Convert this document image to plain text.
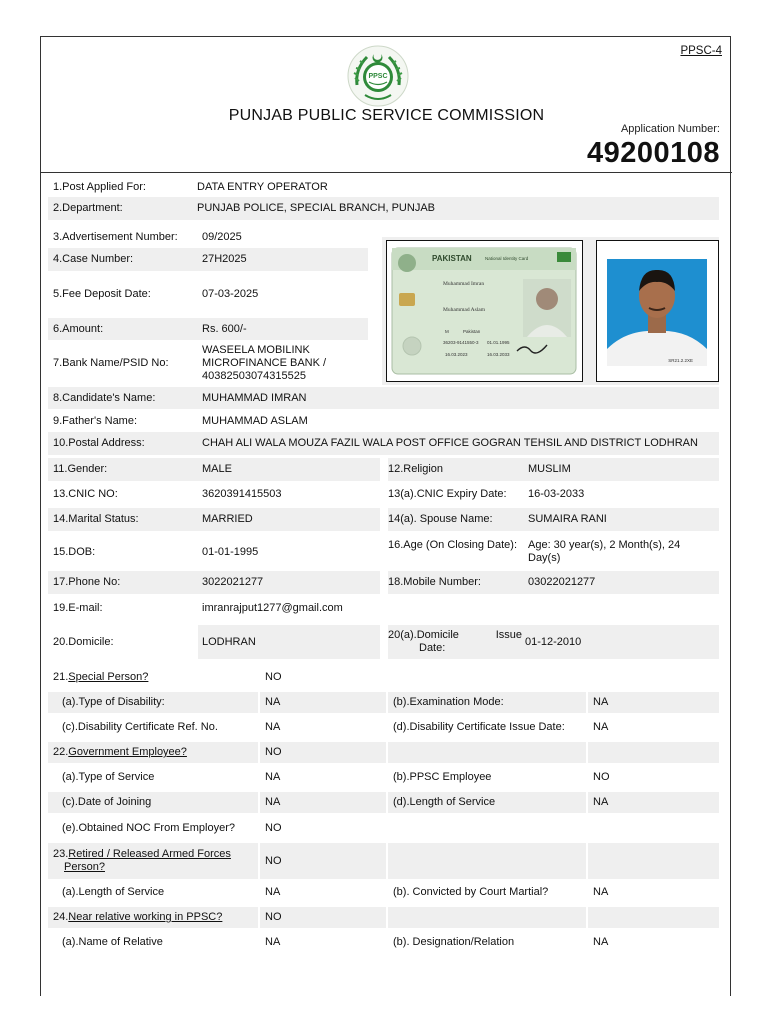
PPSC-4
PPSC
PUNJAB PUBLIC SERVICE COMMISSION
Application Number:
49200108
1.Post Applied For:	DATA ENTRY OPERATOR
2.Department:	PUNJAB POLICE, SPECIAL BRANCH, PUNJAB
3.Advertisement Number: 09/2025
4.Case Number:	27H2025
5.Fee Deposit Date:	07-03-2025
6.Amount:	Rs. 600/-
7.Bank Name/PSID No:
WASEELA MOBILINK
MICROFINANCE BANK /
40382503074315525
PAKISTAN	National Identity Card
Muhammad Imran
Muhammad Aslam
M	Pakistan
36203-9141550-3 01.01.1995
16.03.2023	16.03.2033
SR21.2.2XE
8.Candidate's Name:	MUHAMMAD IMRAN
9.Father's Name:	MUHAMMAD ASLAM
10.Postal Address:	CHAH ALI WALA MOUZA FAZIL WALA POST OFFICE GOGRAN TEHSIL AND DISTRICT LODHRAN
11.Gender:	MALE	12.Religion	MUSLIM
13.CNIC NO:	3620391415503	13(a).CNIC Expiry Date: 16-03-2033
14.Marital Status:	MARRIED	14(a). Spouse Name:	SUMAIRA RANI
15.DOB:	01-01-1995
16.Age (On Closing Date): Age: 30 year(s), 2 Month(s), 24
Day(s)
17.Phone No:	3022021277	18.Mobile Number:	03022021277
19.E-mail:	imranrajput1277@gmail.com
20.Domicile:	LODHRAN
20(a).Domicile	Issue
Date:
01-12-2010
21. Special Person?	NO
(a).Type of Disability:	NA	(b).Examination Mode:	NA
(c).Disability Certificate Ref. No.	NA	(d).Disability Certificate Issue Date:	NA
22. Government Employee?	NO
(a).Type of Service	NA	(b).PPSC Employee	NO
(c).Date of Joining	NA	(d).Length of Service	NA
(e).Obtained NOC From Employer?	NO
23.Retired / Released Armed Forces
Person?
NO
(a).Length of Service	NA	(b). Convicted by Court Martial?	NA
24. Near relative working in PPSC?	NO
(a).Name of Relative	NA	(b). Designation/Relation	NA
